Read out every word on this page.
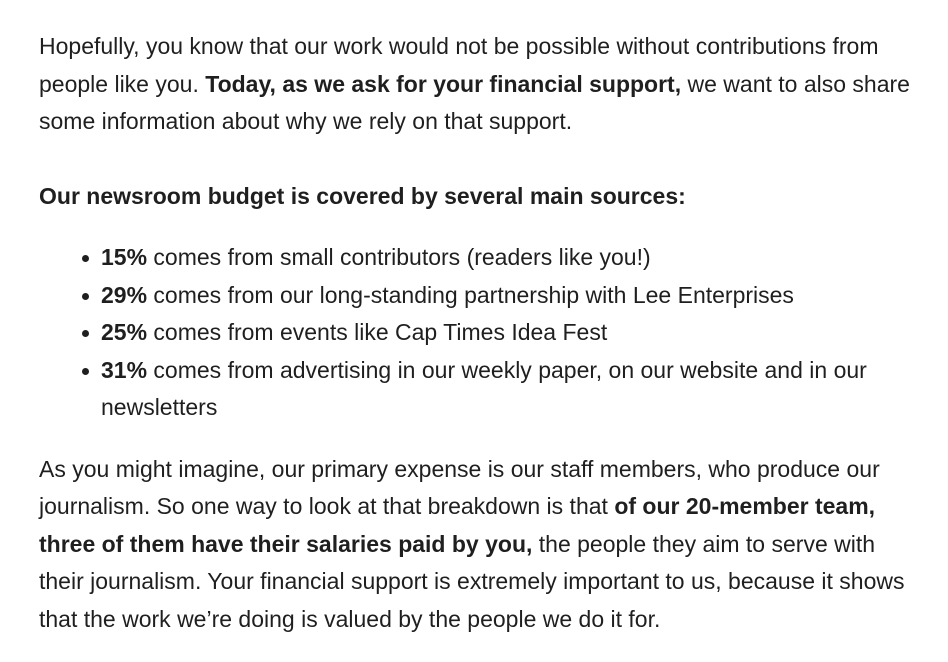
Hopefully, you know that our work would not be possible without contributions from people like you. Today, as we ask for your financial support, we want to also share some information about why we rely on that support.

Our newsroom budget is covered by several main sources:

15% comes from small contributors (readers like you!)
29% comes from our long-standing partnership with Lee Enterprises
25% comes from events like Cap Times Idea Fest
31% comes from advertising in our weekly paper, on our website and in our newsletters

As you might imagine, our primary expense is our staff members, who produce our journalism. So one way to look at that breakdown is that of our 20-member team, three of them have their salaries paid by you, the people they aim to serve with their journalism. Your financial support is extremely important to us, because it shows that the work we’re doing is valued by the people we do it for.
